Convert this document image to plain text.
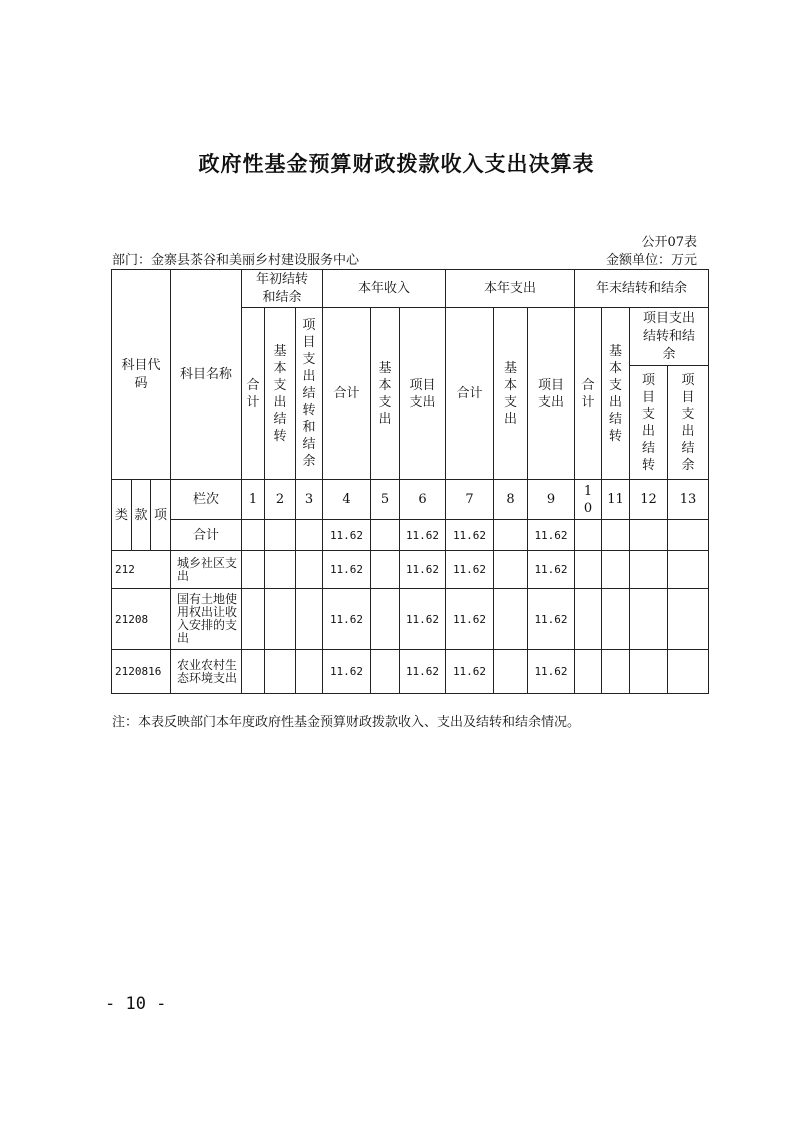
政府性基金预算财政拨款收入支出决算表
公开07表
部门：金寨县茶谷和美丽乡村建设服务中心	金额单位：万元
科目代码			科目名称	年初结转和结余			本年收入			本年支出			年末结转和结余			
				合计	基本支出结转	项目支出结转和结余	合计	基本支出	项目支出	合计	基本支出	项目支出	合计	基本支出结转	项目支出结转和结余	
															项目支出结转	项目支出结余
类	款	项	栏次	1	2	3	4	5	6	7	8	9	10	11	12	13
			合计				11.62		11.62	11.62		11.62				
212			城乡社区支出				11.62		11.62	11.62		11.62				
21208			国有土地使用权出让收入安排的支出				11.62		11.62	11.62		11.62				
2120816			农业农村生态环境支出				11.62		11.62	11.62		11.62				
注：本表反映部门本年度政府性基金预算财政拨款收入、支出及结转和结余情况。
- 10 -
